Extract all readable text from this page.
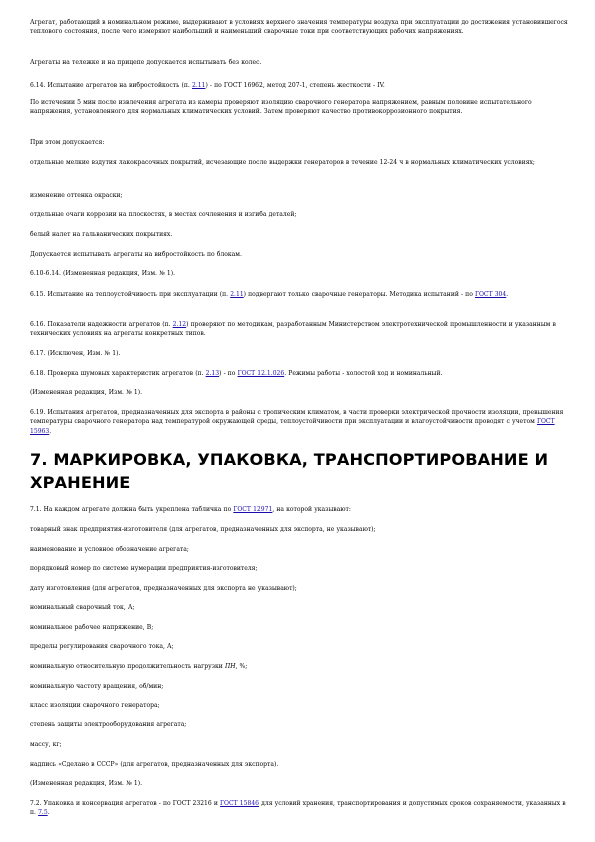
Агрегат, работающий в номинальном режиме, выдерживают в условиях верхнего значения температуры воздуха при эксплуатации до достижения установившегося теплового состояния, после чего измеряют наибольший и наименьший сварочные токи при соответствующих рабочих напряжениях.

Агрегаты на тележке и на прицепе допускается испытывать без колес.

6.14. Испытание агрегатов на вибростойкость (п. 2.11) - по ГОСТ 16962, метод 207-1, степень жесткости - IV.

По истечении 5 мин после извлечения агрегата из камеры проверяют изоляцию сварочного генератора напряжением, равным половине испытательного напряжения, установленного для нормальных климатических условий. Затем проверяют качество противокоррозионного покрытия.

При этом допускается:

отдельные мелкие вздутия лакокрасочных покрытий, исчезающие после выдержки генераторов в течение 12-24 ч в нормальных климатических условиях;

изменение оттенка окраски;

отдельные очаги коррозии на плоскостях, в местах сочленения и изгиба деталей;

белый налет на гальванических покрытиях.

Допускается испытывать агрегаты на вибростойкость по блокам.

6.10-6.14. (Измененная редакция, Изм. № 1).

6.15. Испытание на теплоустойчивость при эксплуатации (п. 2.11) подвергают только сварочные генераторы. Методика испытаний - по ГОСТ 304.

6.16. Показатели надежности агрегатов (п. 2.12) проверяют по методикам, разработанным Министерством электротехнической промышленности и указанным в технических условиях на агрегаты конкретных типов.

6.17. (Исключен, Изм. № 1).

6.18. Проверка шумовых характеристик агрегатов (п. 2.13) - по ГОСТ 12.1.026. Режимы работы - холостой ход и номинальный.

(Измененная редакция, Изм. № 1).

6.19. Испытания агрегатов, предназначенных для экспорта в районы с тропическим климатом, в части проверки электрической прочности изоляции, превышения температуры сварочного генератора над температурой окружающей среды, теплоустойчивости при эксплуатации и влагоустойчивости проводят с учетом ГОСТ 15963.

7. МАРКИРОВКА, УПАКОВКА, ТРАНСПОРТИРОВАНИЕ И ХРАНЕНИЕ

7.1. На каждом агрегате должна быть укреплена табличка по ГОСТ 12971, на которой указывают:

товарный знак предприятия-изготовителя (для агрегатов, предназначенных для экспорта, не указывают);

наименование и условное обозначение агрегата;

порядковый номер по системе нумерации предприятия-изготовителя;

дату изготовления (для агрегатов, предназначенных для экспорта не указывают);

номинальный сварочный ток, А;

номинальное рабочее напряжение, В;

пределы регулирования сварочного тока, А;

номинальную относительную продолжительность нагрузки ПН, %;

номинальную частоту вращения, об/мин;

класс изоляции сварочного генератора;

степень защиты электрооборудования агрегата;

массу, кг;

надпись «Сделано в СССР» (для агрегатов, предназначенных для экспорта).

(Измененная редакция, Изм. № 1).

7.2. Упаковка и консервация агрегатов - по ГОСТ 23216 и ГОСТ 15846 для условий хранения, транспортирования и допустимых сроков сохраняемости, указанных в п. 7.5.
